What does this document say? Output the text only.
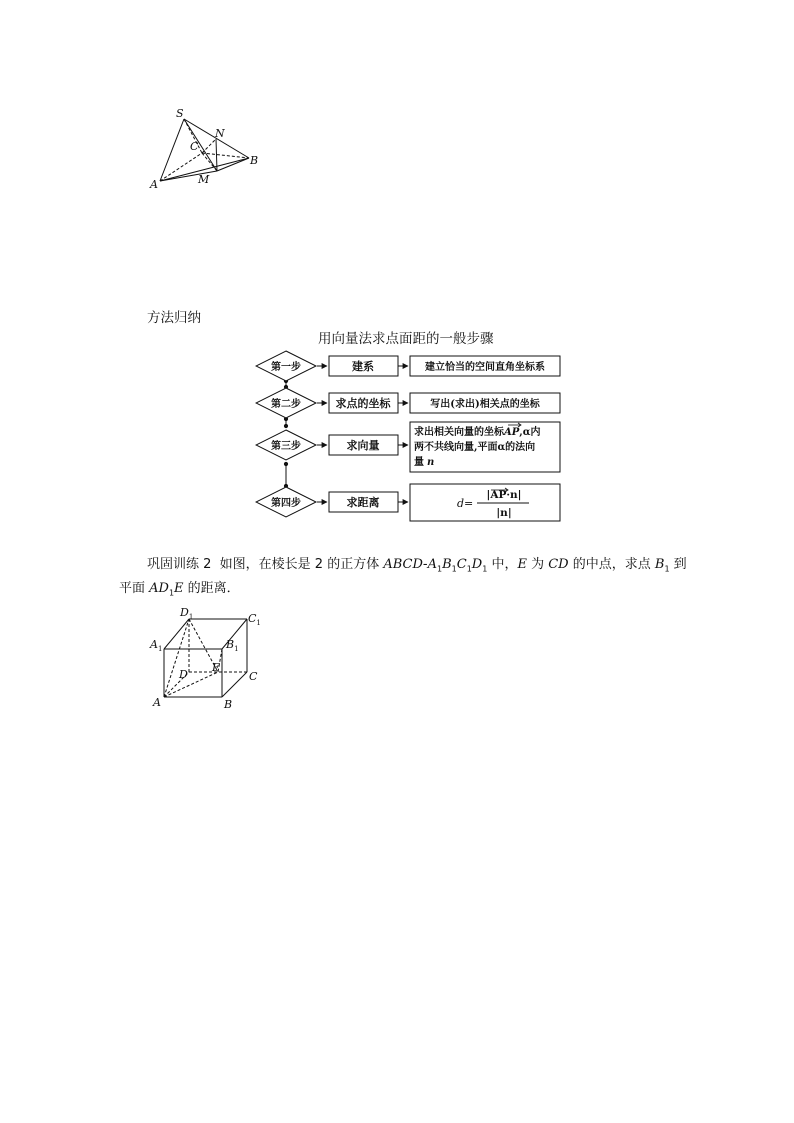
S
N
C
B
A	M
方法归纳
用向量法求点面距的一般步骤
第一步	建系	建立恰当的空间直角坐标系
第二步	求点的坐标	写出(求出)相关点的坐标
第三步	求向量
求出相关向量的坐标AP,α内
两不共线向量,平面α的法向
量 n
第四步	求距离	d=
|AP·n|
|n|
巩固训练 2 如图，在棱长是 2 的正方体 ABCD-$A_1B_1C_1D_1$ 中，E 为 CD 的中点，求点 $B_1$ 到
平面 $AD_1E$ 的距离．
$D_1$	$C_1$
$A_1$	$B_1$
D
E
C
A	B
